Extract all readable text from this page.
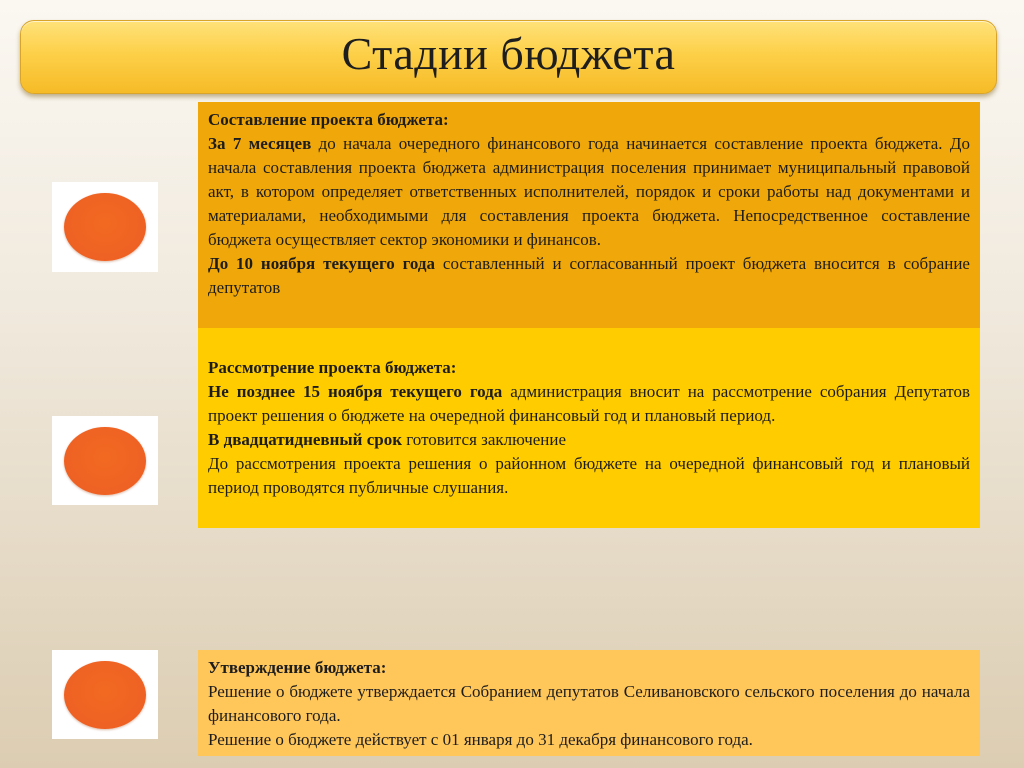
Стадии бюджета

Составление проекта бюджета:

За 7 месяцев до начала очередного финансового года начинается составление проекта бюджета. До начала составления проекта бюджета администрация поселения принимает муниципальный правовой акт, в котором определяет ответственных исполнителей, порядок и сроки работы над документами и материалами, необходимыми для составления проекта бюджета. Непосредственное составление бюджета осуществляет сектор экономики и финансов.

До 10 ноября текущего года составленный и согласованный проект бюджета вносится в собрание депутатов

Рассмотрение проекта бюджета:

Не позднее 15 ноября текущего года администрация вносит на рассмотрение собрания Депутатов проект решения о бюджете на очередной финансовый год и плановый период.

В двадцатидневный срок готовится заключение

До рассмотрения проекта решения о районном бюджете на очередной финансовый год и плановый период проводятся публичные слушания.

Утверждение бюджета:

Решение о бюджете утверждается Собранием депутатов Селивановского сельского поселения до начала финансового года.

Решение о бюджете действует с 01 января до 31 декабря финансового года.
